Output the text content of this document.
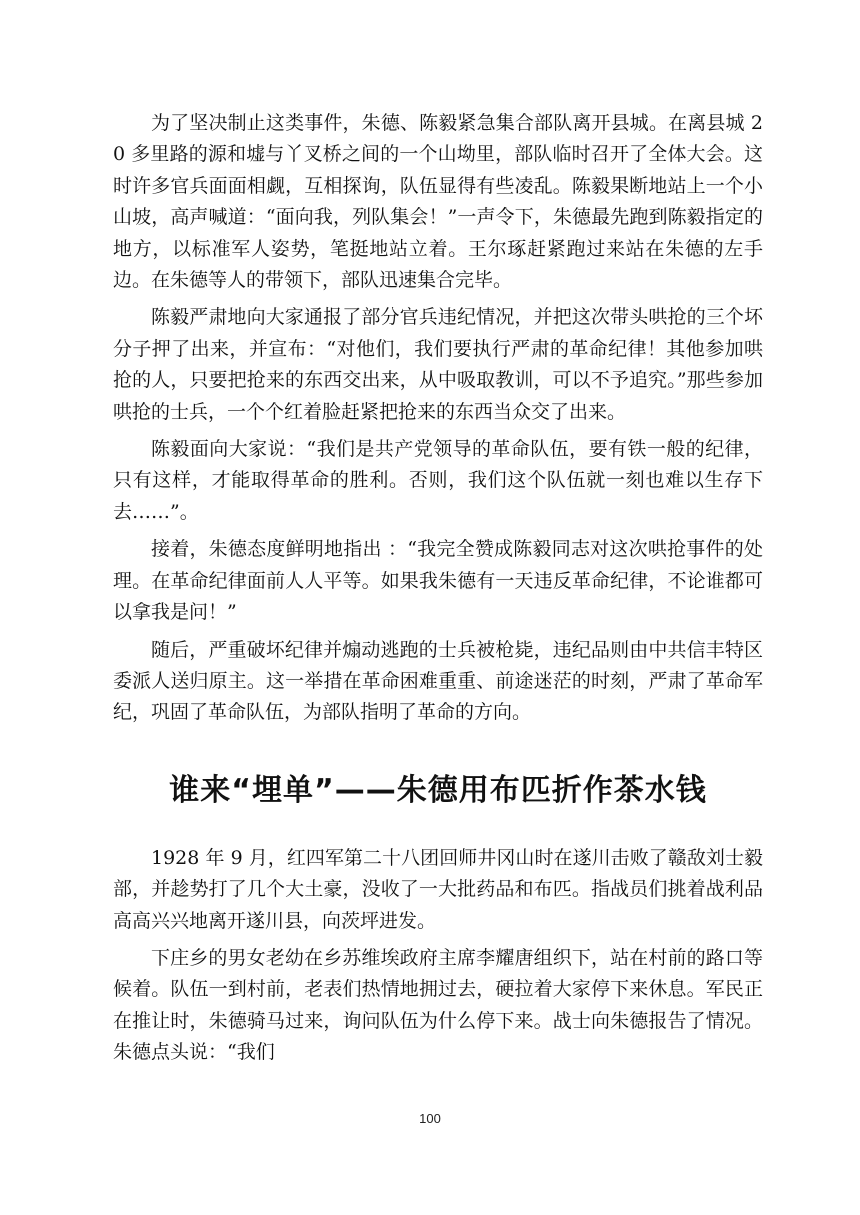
为了坚决制止这类事件，朱德、陈毅紧急集合部队离开县城。在离县城 20 多里路的源和墟与丫叉桥之间的一个山坳里，部队临时召开了全体大会。这时许多官兵面面相觑，互相探询，队伍显得有些凌乱。陈毅果断地站上一个小山坡，高声喊道：“面向我，列队集会！”一声令下，朱德最先跑到陈毅指定的地方，以标准军人姿势，笔挺地站立着。王尔琢赶紧跑过来站在朱德的左手边。在朱德等人的带领下，部队迅速集合完毕。

陈毅严肃地向大家通报了部分官兵违纪情况，并把这次带头哄抢的三个坏分子押了出来，并宣布：“对他们，我们要执行严肃的革命纪律！其他参加哄抢的人，只要把抢来的东西交出来，从中吸取教训，可以不予追究。”那些参加哄抢的士兵，一个个红着脸赶紧把抢来的东西当众交了出来。

陈毅面向大家说：“我们是共产党领导的革命队伍，要有铁一般的纪律，只有这样，才能取得革命的胜利。否则，我们这个队伍就一刻也难以生存下去……”。

接着，朱德态度鲜明地指出 ：“我完全赞成陈毅同志对这次哄抢事件的处理。在革命纪律面前人人平等。如果我朱德有一天违反革命纪律，不论谁都可以拿我是问！”

随后，严重破坏纪律并煽动逃跑的士兵被枪毙，违纪品则由中共信丰特区委派人送归原主。这一举措在革命困难重重、前途迷茫的时刻，严肃了革命军纪，巩固了革命队伍，为部队指明了革命的方向。

谁来“埋单”——朱德用布匹折作茶水钱

1928 年 9 月，红四军第二十八团回师井冈山时在遂川击败了赣敌刘士毅部，并趁势打了几个大土豪，没收了一大批药品和布匹。指战员们挑着战利品高高兴兴地离开遂川县，向茨坪进发。

下庄乡的男女老幼在乡苏维埃政府主席李耀唐组织下，站在村前的路口等候着。队伍一到村前，老表们热情地拥过去，硬拉着大家停下来休息。军民正在推让时，朱德骑马过来，询问队伍为什么停下来。战士向朱德报告了情况。朱德点头说：“我们

100
